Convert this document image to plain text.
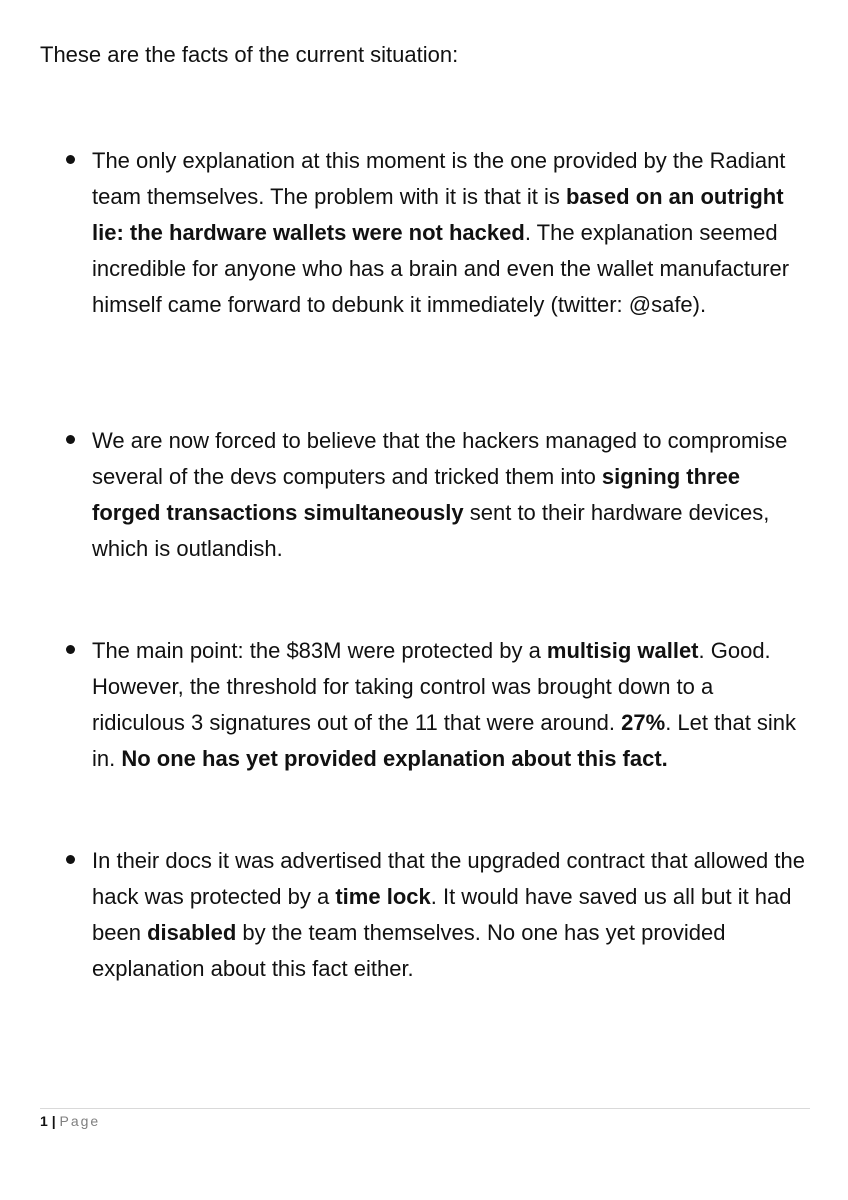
These are the facts of the current situation:

The only explanation at this moment is the one provided by the Radiant team themselves. The problem with it is that it is based on an outright lie: the hardware wallets were not hacked. The explanation seemed incredible for anyone who has a brain and even the wallet manufacturer himself came forward to debunk it immediately (twitter: @safe).

We are now forced to believe that the hackers managed to compromise several of the devs computers and tricked them into signing three forged transactions simultaneously sent to their hardware devices, which is outlandish.

The main point: the $83M were protected by a multisig wallet. Good. However, the threshold for taking control was brought down to a ridiculous 3 signatures out of the 11 that were around. 27%. Let that sink in. No one has yet provided explanation about this fact.

In their docs it was advertised that the upgraded contract that allowed the hack was protected by a time lock. It would have saved us all but it had been disabled by the team themselves. No one has yet provided explanation about this fact either.

1 | Page
